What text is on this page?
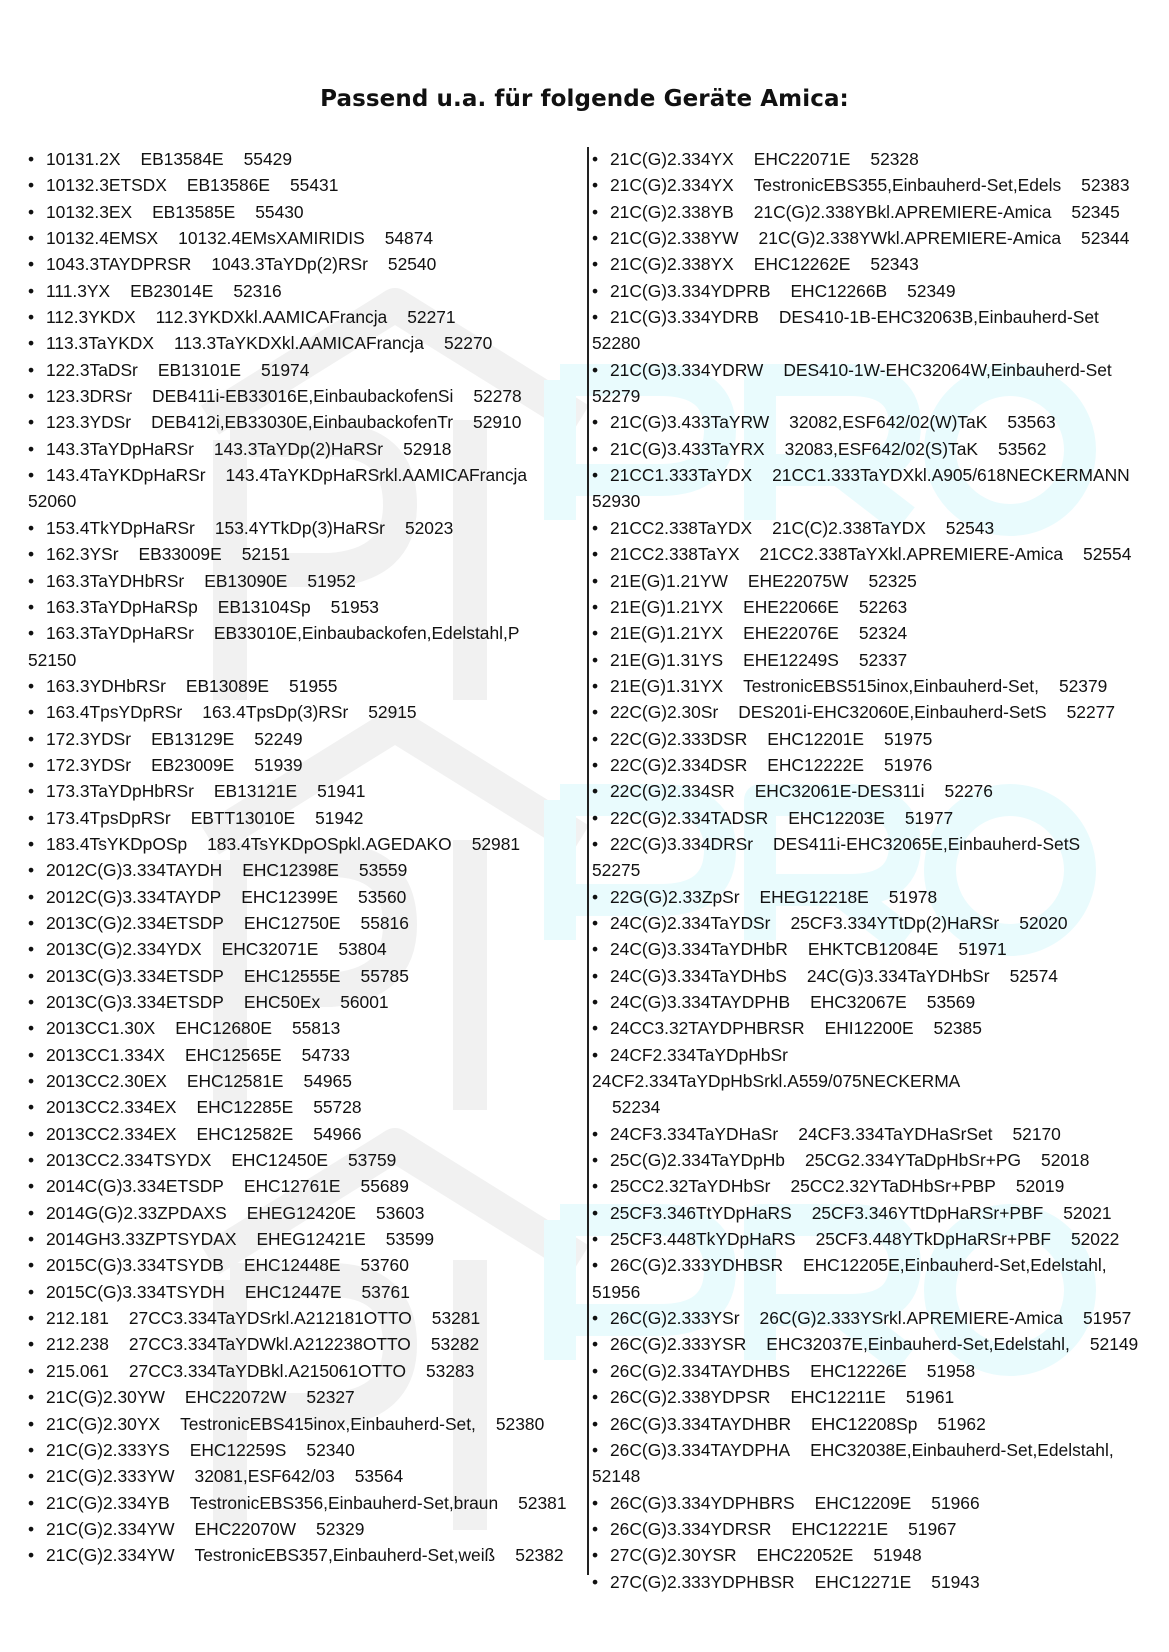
Passend u.a. für folgende Geräte Amica:
• 10131.2X EB13584E 55429
• 10132.3ETSDX EB13586E 55431
• 10132.3EX EB13585E 55430
• 10132.4EMSX 10132.4EMsXAMIRIDIS 54874
• 1043.3TAYDPRSR 1043.3TaYDp(2)RSr 52540
• 111.3YX EB23014E 52316
• 112.3YKDX 112.3YKDXkl.AAMICAFrancja 52271
• 113.3TaYKDX 113.3TaYKDXkl.AAMICAFrancja 52270
• 122.3TaDSr EB13101E 51974
• 123.3DRSr DEB411i-EB33016E,EinbaubackofenSi 52278
• 123.3YDSr DEB412i,EB33030E,EinbaubackofenTr 52910
• 143.3TaYDpHaRSr 143.3TaYDp(2)HaRSr 52918
• 143.4TaYKDpHaRSr 143.4TaYKDpHaRSrkl.AAMICAFrancja
52060
• 153.4TkYDpHaRSr 153.4YTkDp(3)HaRSr 52023
• 162.3YSr EB33009E 52151
• 163.3TaYDHbRSr EB13090E 51952
• 163.3TaYDpHaRSp EB13104Sp 51953
• 163.3TaYDpHaRSr EB33010E,Einbaubackofen,Edelstahl,P
52150
• 163.3YDHbRSr EB13089E 51955
• 163.4TpsYDpRSr 163.4TpsDp(3)RSr 52915
• 172.3YDSr EB13129E 52249
• 172.3YDSr EB23009E 51939
• 173.3TaYDpHbRSr EB13121E 51941
• 173.4TpsDpRSr EBTT13010E 51942
• 183.4TsYKDpOSp 183.4TsYKDpOSpkl.AGEDAKO 52981
• 2012C(G)3.334TAYDH EHC12398E 53559
• 2012C(G)3.334TAYDP EHC12399E 53560
• 2013C(G)2.334ETSDP EHC12750E 55816
• 2013C(G)2.334YDX EHC32071E 53804
• 2013C(G)3.334ETSDP EHC12555E 55785
• 2013C(G)3.334ETSDP EHC50Ex 56001
• 2013CC1.30X EHC12680E 55813
• 2013CC1.334X EHC12565E 54733
• 2013CC2.30EX EHC12581E 54965
• 2013CC2.334EX EHC12285E 55728
• 2013CC2.334EX EHC12582E 54966
• 2013CC2.334TSYDX EHC12450E 53759
• 2014C(G)3.334ETSDP EHC12761E 55689
• 2014G(G)2.33ZPDAXS EHEG12420E 53603
• 2014GH3.33ZPTSYDAX EHEG12421E 53599
• 2015C(G)3.334TSYDB EHC12448E 53760
• 2015C(G)3.334TSYDH EHC12447E 53761
• 212.181 27CC3.334TaYDSrkl.A212181OTTO 53281
• 212.238 27CC3.334TaYDWkl.A212238OTTO 53282
• 215.061 27CC3.334TaYDBkl.A215061OTTO 53283
• 21C(G)2.30YW EHC22072W 52327
• 21C(G)2.30YX TestronicEBS415inox,Einbauherd-Set, 52380
• 21C(G)2.333YS EHC12259S 52340
• 21C(G)2.333YW 32081,ESF642/03 53564
• 21C(G)2.334YB TestronicEBS356,Einbauherd-Set,braun 52381
• 21C(G)2.334YW EHC22070W 52329
• 21C(G)2.334YW TestronicEBS357,Einbauherd-Set,weiß 52382
• 21C(G)2.334YX EHC22071E 52328
• 21C(G)2.334YX TestronicEBS355,Einbauherd-Set,Edels 52383
• 21C(G)2.338YB 21C(G)2.338YBkl.APREMIERE-Amica 52345
• 21C(G)2.338YW 21C(G)2.338YWkl.APREMIERE-Amica 52344
• 21C(G)2.338YX EHC12262E 52343
• 21C(G)3.334YDPRB EHC12266B 52349
• 21C(G)3.334YDRB DES410-1B-EHC32063B,Einbauherd-Set
52280
• 21C(G)3.334YDRW DES410-1W-EHC32064W,Einbauherd-Set
52279
• 21C(G)3.433TaYRW 32082,ESF642/02(W)TaK 53563
• 21C(G)3.433TaYRX 32083,ESF642/02(S)TaK 53562
• 21CC1.333TaYDX 21CC1.333TaYDXkl.A905/618NECKERMANN
52930
• 21CC2.338TaYDX 21C(C)2.338TaYDX 52543
• 21CC2.338TaYX 21CC2.338TaYXkl.APREMIERE-Amica 52554
• 21E(G)1.21YW EHE22075W 52325
• 21E(G)1.21YX EHE22066E 52263
• 21E(G)1.21YX EHE22076E 52324
• 21E(G)1.31YS EHE12249S 52337
• 21E(G)1.31YX TestronicEBS515inox,Einbauherd-Set, 52379
• 22C(G)2.30Sr DES201i-EHC32060E,Einbauherd-SetS 52277
• 22C(G)2.333DSR EHC12201E 51975
• 22C(G)2.334DSR EHC12222E 51976
• 22C(G)2.334SR EHC32061E-DES311i 52276
• 22C(G)2.334TADSR EHC12203E 51977
• 22C(G)3.334DRSr DES411i-EHC32065E,Einbauherd-SetS
52275
• 22G(G)2.33ZpSr EHEG12218E 51978
• 24C(G)2.334TaYDSr 25CF3.334YTtDp(2)HaRSr 52020
• 24C(G)3.334TaYDHbR EHKTCB12084E 51971
• 24C(G)3.334TaYDHbS 24C(G)3.334TaYDHbSr 52574
• 24C(G)3.334TAYDPHB EHC32067E 53569
• 24CC3.32TAYDPHBRSR EHI12200E 52385
• 24CF2.334TaYDpHbSr
24CF2.334TaYDpHbSrkl.A559/075NECKERMA
52234
• 24CF3.334TaYDHaSr 24CF3.334TaYDHaSrSet 52170
• 25C(G)2.334TaYDpHb 25CG2.334YTaDpHbSr+PG 52018
• 25CC2.32TaYDHbSr 25CC2.32YTaDHbSr+PBP 52019
• 25CF3.346TtYDpHaRS 25CF3.346YTtDpHaRSr+PBF 52021
• 25CF3.448TkYDpHaRS 25CF3.448YTkDpHaRSr+PBF 52022
• 26C(G)2.333YDHBSR EHC12205E,Einbauherd-Set,Edelstahl,
51956
• 26C(G)2.333YSr 26C(G)2.333YSrkl.APREMIERE-Amica 51957
• 26C(G)2.333YSR EHC32037E,Einbauherd-Set,Edelstahl, 52149
• 26C(G)2.334TAYDHBS EHC12226E 51958
• 26C(G)2.338YDPSR EHC12211E 51961
• 26C(G)3.334TAYDHBR EHC12208Sp 51962
• 26C(G)3.334TAYDPHA EHC32038E,Einbauherd-Set,Edelstahl,
52148
• 26C(G)3.334YDPHBRS EHC12209E 51966
• 26C(G)3.334YDRSR EHC12221E 51967
• 27C(G)2.30YSR EHC22052E 51948
• 27C(G)2.333YDPHBSR EHC12271E 51943
